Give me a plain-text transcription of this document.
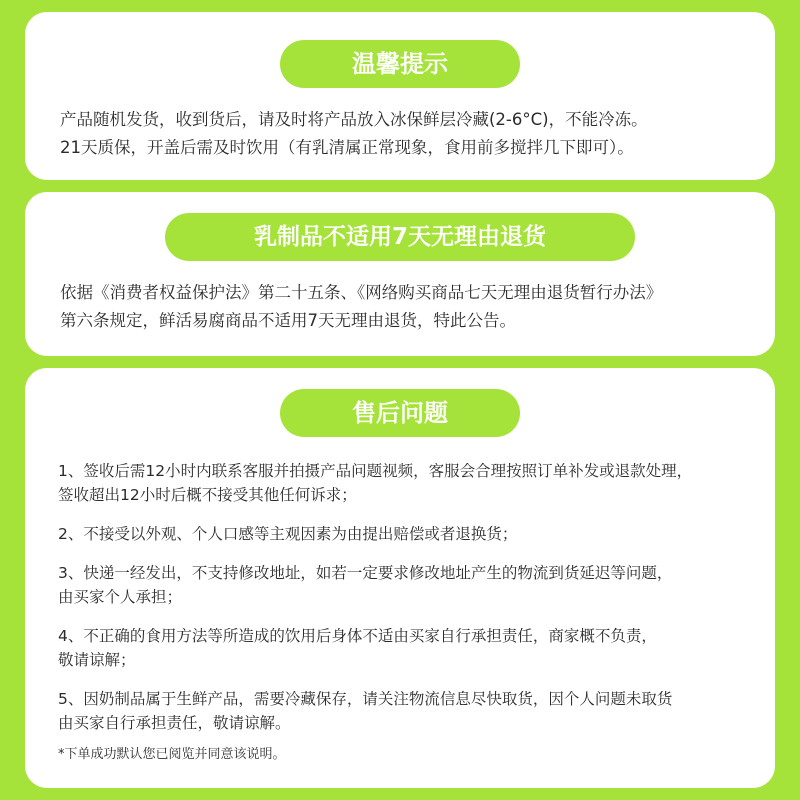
温馨提示
产品随机发货，收到货后，请及时将产品放入冰保鲜层冷藏(2-6°C)，不能冷冻。
21天质保，开盖后需及时饮用（有乳清属正常现象，食用前多搅拌几下即可）。
乳制品不适用7天无理由退货
依据《消费者权益保护法》第二十五条、《网络购买商品七天无理由退货暂行办法》
第六条规定，鲜活易腐商品不适用7天无理由退货，特此公告。
售后问题
1、签收后需12小时内联系客服并拍摄产品问题视频，客服会合理按照订单补发或退款处理，
签收超出12小时后概不接受其他任何诉求；
2、不接受以外观、个人口感等主观因素为由提出赔偿或者退换货；
3、快递一经发出，不支持修改地址，如若一定要求修改地址产生的物流到货延迟等问题，
由买家个人承担；
4、不正确的食用方法等所造成的饮用后身体不适由买家自行承担责任，商家概不负责，
敬请谅解；
5、因奶制品属于生鲜产品，需要冷藏保存，请关注物流信息尽快取货，因个人问题未取货
由买家自行承担责任，敬请谅解。
*下单成功默认您已阅览并同意该说明。
